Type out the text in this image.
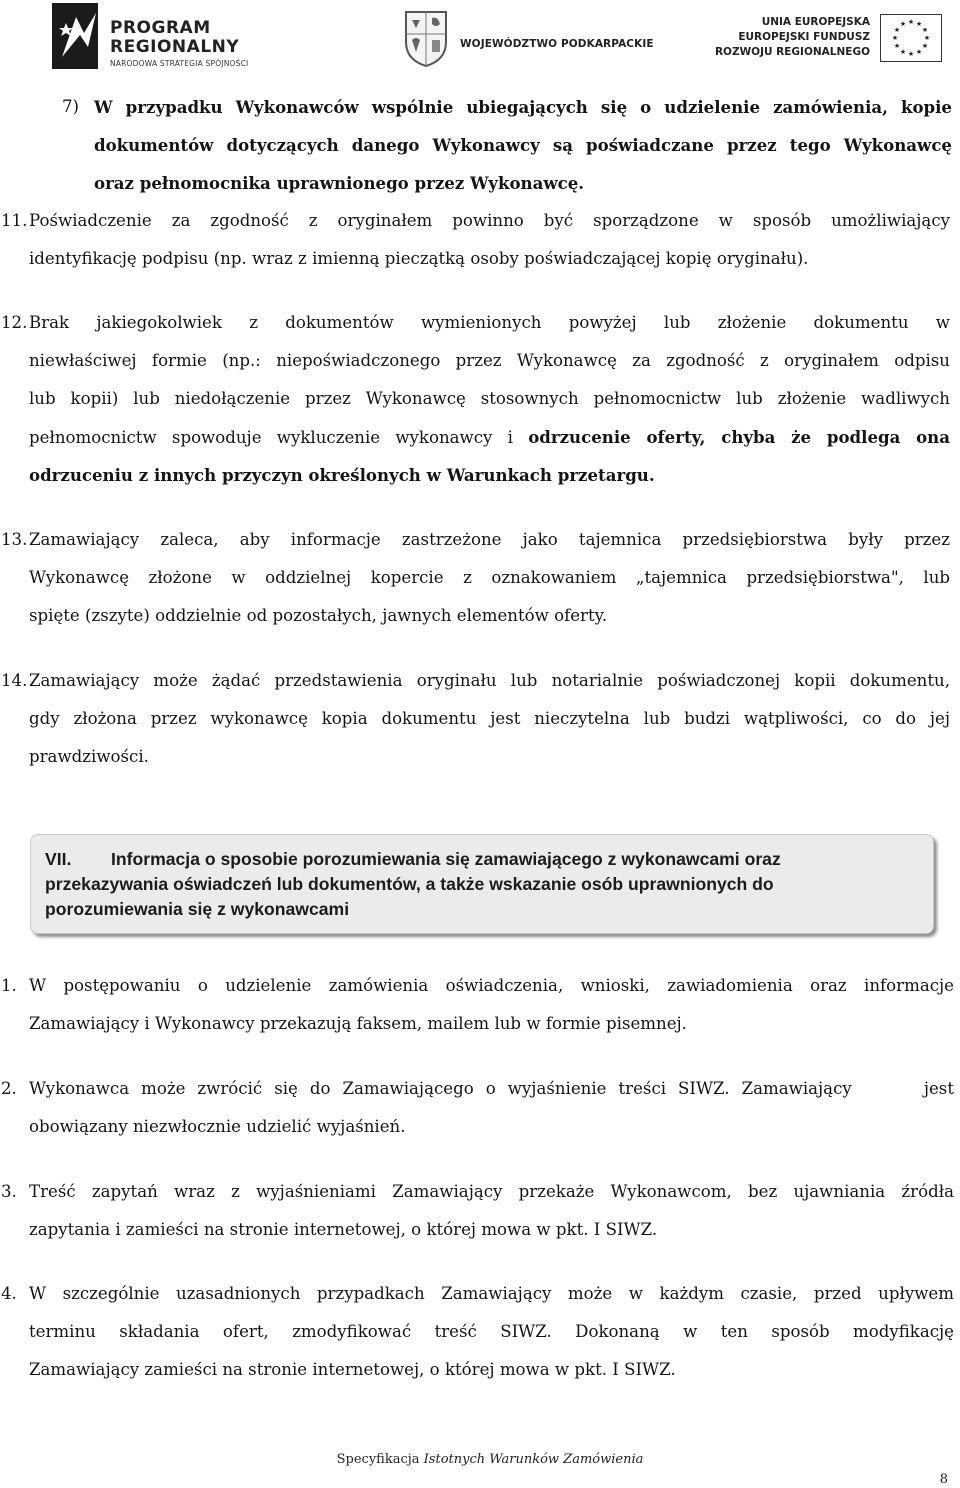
PROGRAM
REGIONALNY
NARODOWA STRATEGIA SPÓJNOŚCI
WOJEWÓDZTWO PODKARPACKIE
UNIA EUROPEJSKA
EUROPEJSKI FUNDUSZ
ROZWOJU REGIONALNEGO
★ ★
★
★
★
★
★
★
★
★
★
★
7) W przypadku Wykonawców wspólnie ubiegających się o udzielenie zamówienia, kopie
dokumentów dotyczących danego Wykonawcy są poświadczane przez tego Wykonawcę
oraz pełnomocnika uprawnionego przez Wykonawcę.
11. Poświadczenie za zgodność z oryginałem powinno być sporządzone w sposób umożliwiający
identyfikację podpisu (np. wraz z imienną pieczątką osoby poświadczającej kopię oryginału).
12. Brak jakiegokolwiek z dokumentów wymienionych powyżej lub złożenie dokumentu w
niewłaściwej formie (np.: niepoświadczonego przez Wykonawcę za zgodność z oryginałem odpisu
lub kopii) lub niedołączenie przez Wykonawcę stosownych pełnomocnictw lub złożenie wadliwych
pełnomocnictw spowoduje wykluczenie wykonawcy i odrzucenie oferty, chyba że podlega ona
odrzuceniu z innych przyczyn określonych w Warunkach przetargu.
13. Zamawiający zaleca, aby informacje zastrzeżone jako tajemnica przedsiębiorstwa były przez
Wykonawcę złożone w oddzielnej kopercie z oznakowaniem „tajemnica przedsiębiorstwa", lub
spięte (zszyte) oddzielnie od pozostałych, jawnych elementów oferty.
14. Zamawiający może żądać przedstawienia oryginału lub notarialnie poświadczonej kopii dokumentu,
gdy złożona przez wykonawcę kopia dokumentu jest nieczytelna lub budzi wątpliwości, co do jej
prawdziwości.
VII. Informacja o sposobie porozumiewania się zamawiającego z wykonawcami oraz
przekazywania oświadczeń lub dokumentów, a także wskazanie osób uprawnionych do
porozumiewania się z wykonawcami
1. W postępowaniu o udzielenie zamówienia oświadczenia, wnioski, zawiadomienia oraz informacje
Zamawiający i Wykonawcy przekazują faksem, mailem lub w formie pisemnej.
2. Wykonawca może zwrócić się do Zamawiającego o wyjaśnienie treści SIWZ. Zamawiający      jest
obowiązany niezwłocznie udzielić wyjaśnień.
3. Treść zapytań wraz z wyjaśnieniami Zamawiający przekaże Wykonawcom, bez ujawniania źródła
zapytania i zamieści na stronie internetowej, o której mowa w pkt. I SIWZ.
4. W szczególnie uzasadnionych przypadkach Zamawiający może w każdym czasie, przed upływem
terminu składania ofert, zmodyfikować treść SIWZ. Dokonaną w ten sposób modyfikację
Zamawiający zamieści na stronie internetowej, o której mowa w pkt. I SIWZ.
Specyfikacja Istotnych Warunków Zamówienia
8
